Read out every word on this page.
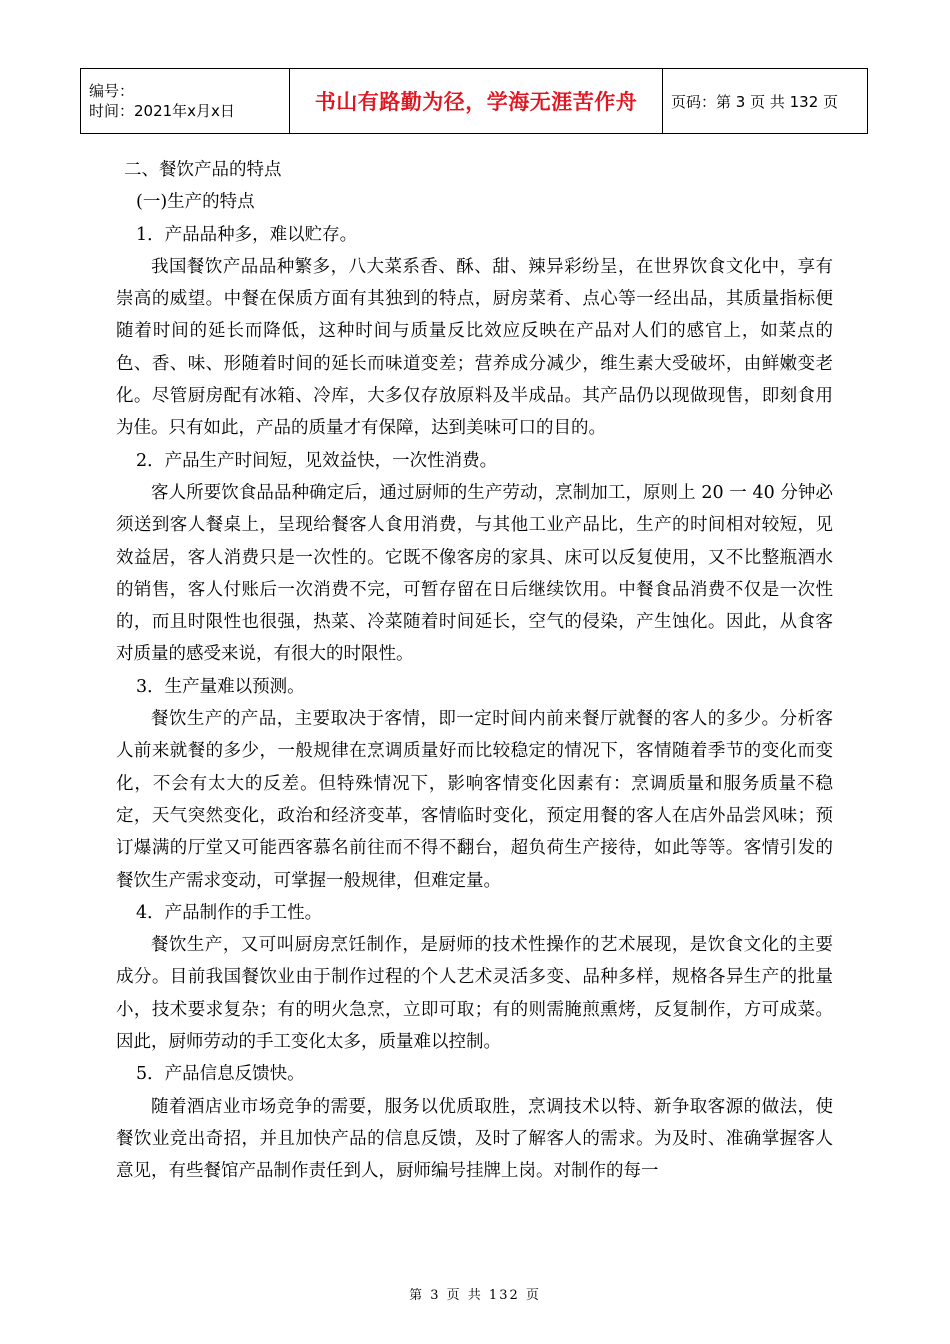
编号：
时间：2021年x月x日	书山有路勤为径，学海无涯苦作舟	页码：第 3 页 共 132 页

二、餐饮产品的特点

(一)生产的特点

1．产品品种多，难以贮存。

我国餐饮产品品种繁多，八大菜系香、酥、甜、辣异彩纷呈，在世界饮食文化中，享有崇高的威望。中餐在保质方面有其独到的特点，厨房菜肴、点心等一经出品，其质量指标便随着时间的延长而降低，这种时间与质量反比效应反映在产品对人们的感官上，如菜点的色、香、味、形随着时间的延长而味道变差；营养成分减少，维生素大受破坏，由鲜嫩变老化。尽管厨房配有冰箱、冷库，大多仅存放原料及半成品。其产品仍以现做现售，即刻食用为佳。只有如此，产品的质量才有保障，达到美味可口的目的。

2．产品生产时间短，见效益快，一次性消费。

客人所要饮食品品种确定后，通过厨师的生产劳动，烹制加工，原则上 20 一 40 分钟必须送到客人餐桌上，呈现给餐客人食用消费，与其他工业产品比，生产的时间相对较短，见效益居，客人消费只是一次性的。它既不像客房的家具、床可以反复使用，又不比整瓶酒水的销售，客人付账后一次消费不完，可暂存留在日后继续饮用。中餐食品消费不仅是一次性的，而且时限性也很强，热菜、冷菜随着时间延长，空气的侵染，产生蚀化。因此，从食客对质量的感受来说，有很大的时限性。

3．生产量难以预测。

餐饮生产的产品，主要取决于客情，即一定时间内前来餐厅就餐的客人的多少。分析客人前来就餐的多少，一般规律在烹调质量好而比较稳定的情况下，客情随着季节的变化而变化，不会有太大的反差。但特殊情况下，影响客情变化因素有：烹调质量和服务质量不稳定，天气突然变化，政治和经济变革，客情临时变化，预定用餐的客人在店外品尝风味；预订爆满的厅堂又可能西客慕名前往而不得不翻台，超负荷生产接待，如此等等。客情引发的餐饮生产需求变动，可掌握一般规律，但难定量。

4．产品制作的手工性。

餐饮生产，又可叫厨房烹饪制作，是厨师的技术性操作的艺术展现，是饮食文化的主要成分。目前我国餐饮业由于制作过程的个人艺术灵活多变、品种多样，规格各异生产的批量小，技术要求复杂；有的明火急烹，立即可取；有的则需腌煎熏烤，反复制作，方可成菜。因此，厨师劳动的手工变化太多，质量难以控制。

5．产品信息反馈快。

随着酒店业市场竞争的需要，服务以优质取胜，烹调技术以特、新争取客源的做法，使餐饮业竞出奇招，并且加快产品的信息反馈，及时了解客人的需求。为及时、准确掌握客人意见，有些餐馆产品制作责任到人，厨师编号挂牌上岗。对制作的每一

第 3 页 共 132 页
